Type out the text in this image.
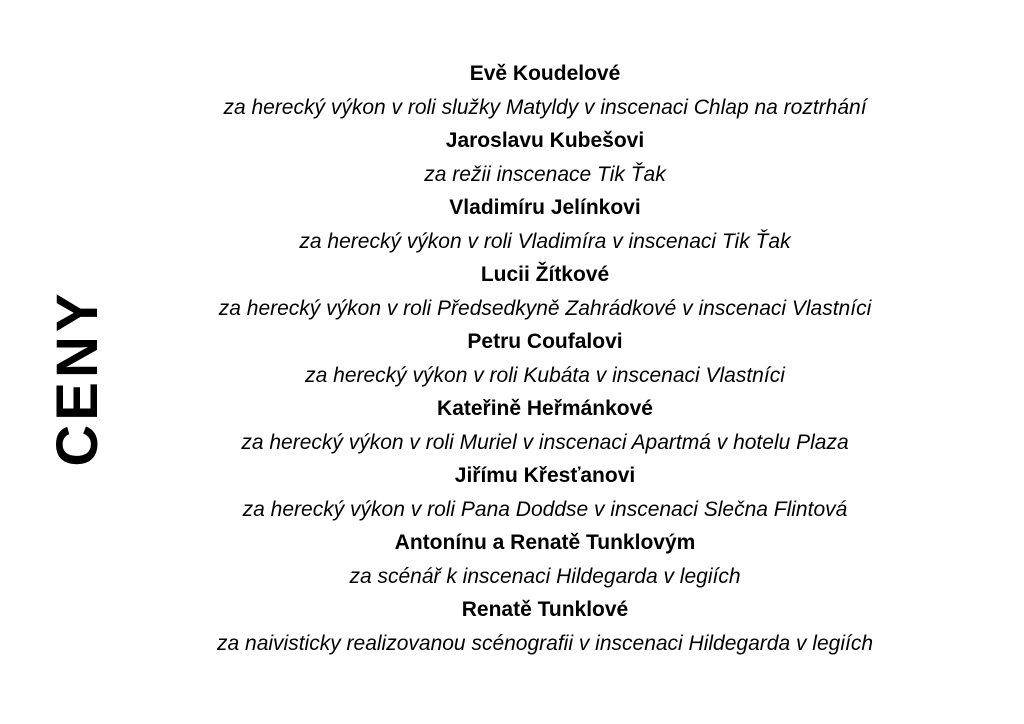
CENY
Evě Koudelové
za herecký výkon v roli služky Matyldy v inscenaci Chlap na roztrhání
Jaroslavu Kubešovi
za režii inscenace Tik Ťak
Vladimíru Jelínkovi
za herecký výkon v roli Vladimíra v inscenaci Tik Ťak
Lucii Žítkové
za herecký výkon v roli Předsedkyně Zahrádkové v inscenaci Vlastníci
Petru Coufalovi
za herecký výkon v roli Kubáta v inscenaci Vlastníci
Kateřině Heřmánkové
za herecký výkon v roli Muriel v inscenaci Apartmá v hotelu Plaza
Jiřímu Křesťanovi
za herecký výkon v roli Pana Doddse v inscenaci Slečna Flintová
Antonínu a Renatě Tunklovým
za scénář k inscenaci Hildegarda v legiích
Renatě Tunklové
za naivisticky realizovanou scénografii v inscenaci Hildegarda v legiích
